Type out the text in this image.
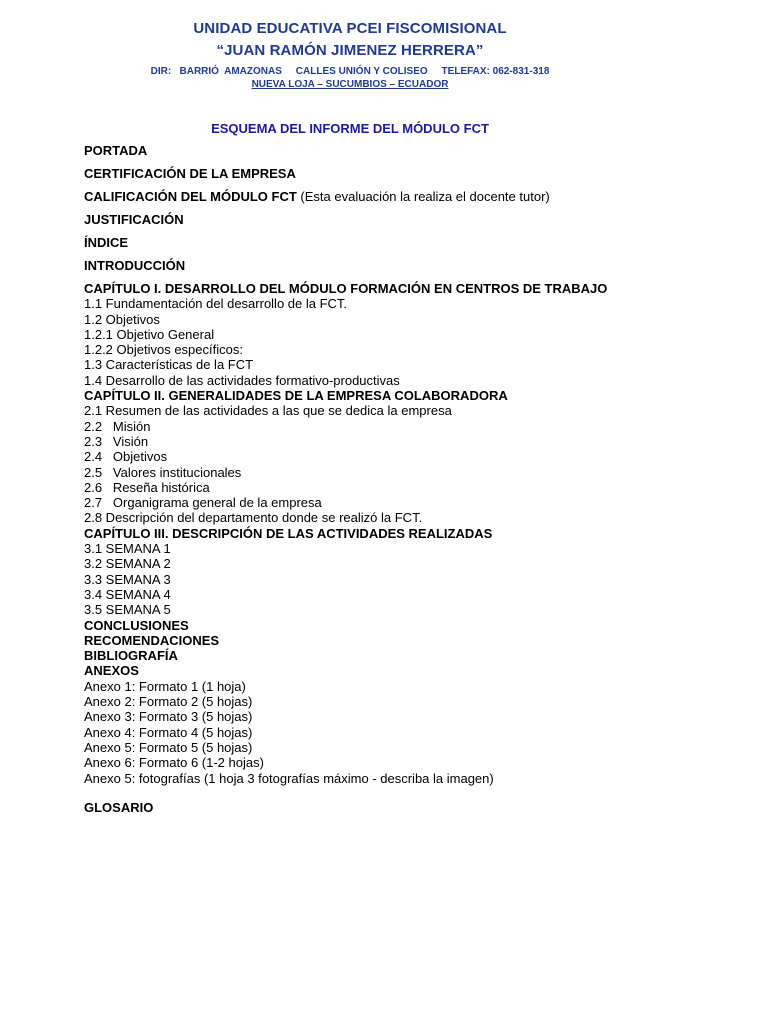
UNIDAD EDUCATIVA PCEI FISCOMISIONAL
“JUAN RAMÓN JIMENEZ HERRERA”
DIR:   BARRIÓ  AMAZONAS     CALLES UNIÓN Y COLISEO     TELEFAX: 062-831-318
NUEVA LOJA – SUCUMBIOS – ECUADOR
ESQUEMA DEL INFORME DEL MÓDULO FCT
PORTADA
CERTIFICACIÓN DE LA EMPRESA
CALIFICACIÓN DEL MÓDULO FCT (Esta evaluación la realiza el docente tutor)
JUSTIFICACIÓN
ÍNDICE
INTRODUCCIÓN
CAPÍTULO I. DESARROLLO DEL MÓDULO FORMACIÓN EN CENTROS DE TRABAJO
1.1 Fundamentación del desarrollo de la FCT.
1.2 Objetivos
1.2.1 Objetivo General
1.2.2 Objetivos específicos:
1.3 Características de la FCT
1.4 Desarrollo de las actividades formativo-productivas
CAPÍTULO II. GENERALIDADES DE LA EMPRESA COLABORADORA
2.1 Resumen de las actividades a las que se dedica la empresa
2.2   Misión
2.3   Visión
2.4   Objetivos
2.5   Valores institucionales
2.6   Reseña histórica
2.7   Organigrama general de la empresa
2.8 Descripción del departamento donde se realizó la FCT.
CAPÍTULO III. DESCRIPCIÓN DE LAS ACTIVIDADES REALIZADAS
3.1 SEMANA 1
3.2 SEMANA 2
3.3 SEMANA 3
3.4 SEMANA 4
3.5 SEMANA 5
CONCLUSIONES
RECOMENDACIONES
BIBLIOGRAFÍA
ANEXOS
Anexo 1: Formato 1 (1 hoja)
Anexo 2: Formato 2 (5 hojas)
Anexo 3: Formato 3 (5 hojas)
Anexo 4: Formato 4 (5 hojas)
Anexo 5: Formato 5 (5 hojas)
Anexo 6: Formato 6 (1-2 hojas)
Anexo 5: fotografías (1 hoja 3 fotografías máximo - describa la imagen)
GLOSARIO
